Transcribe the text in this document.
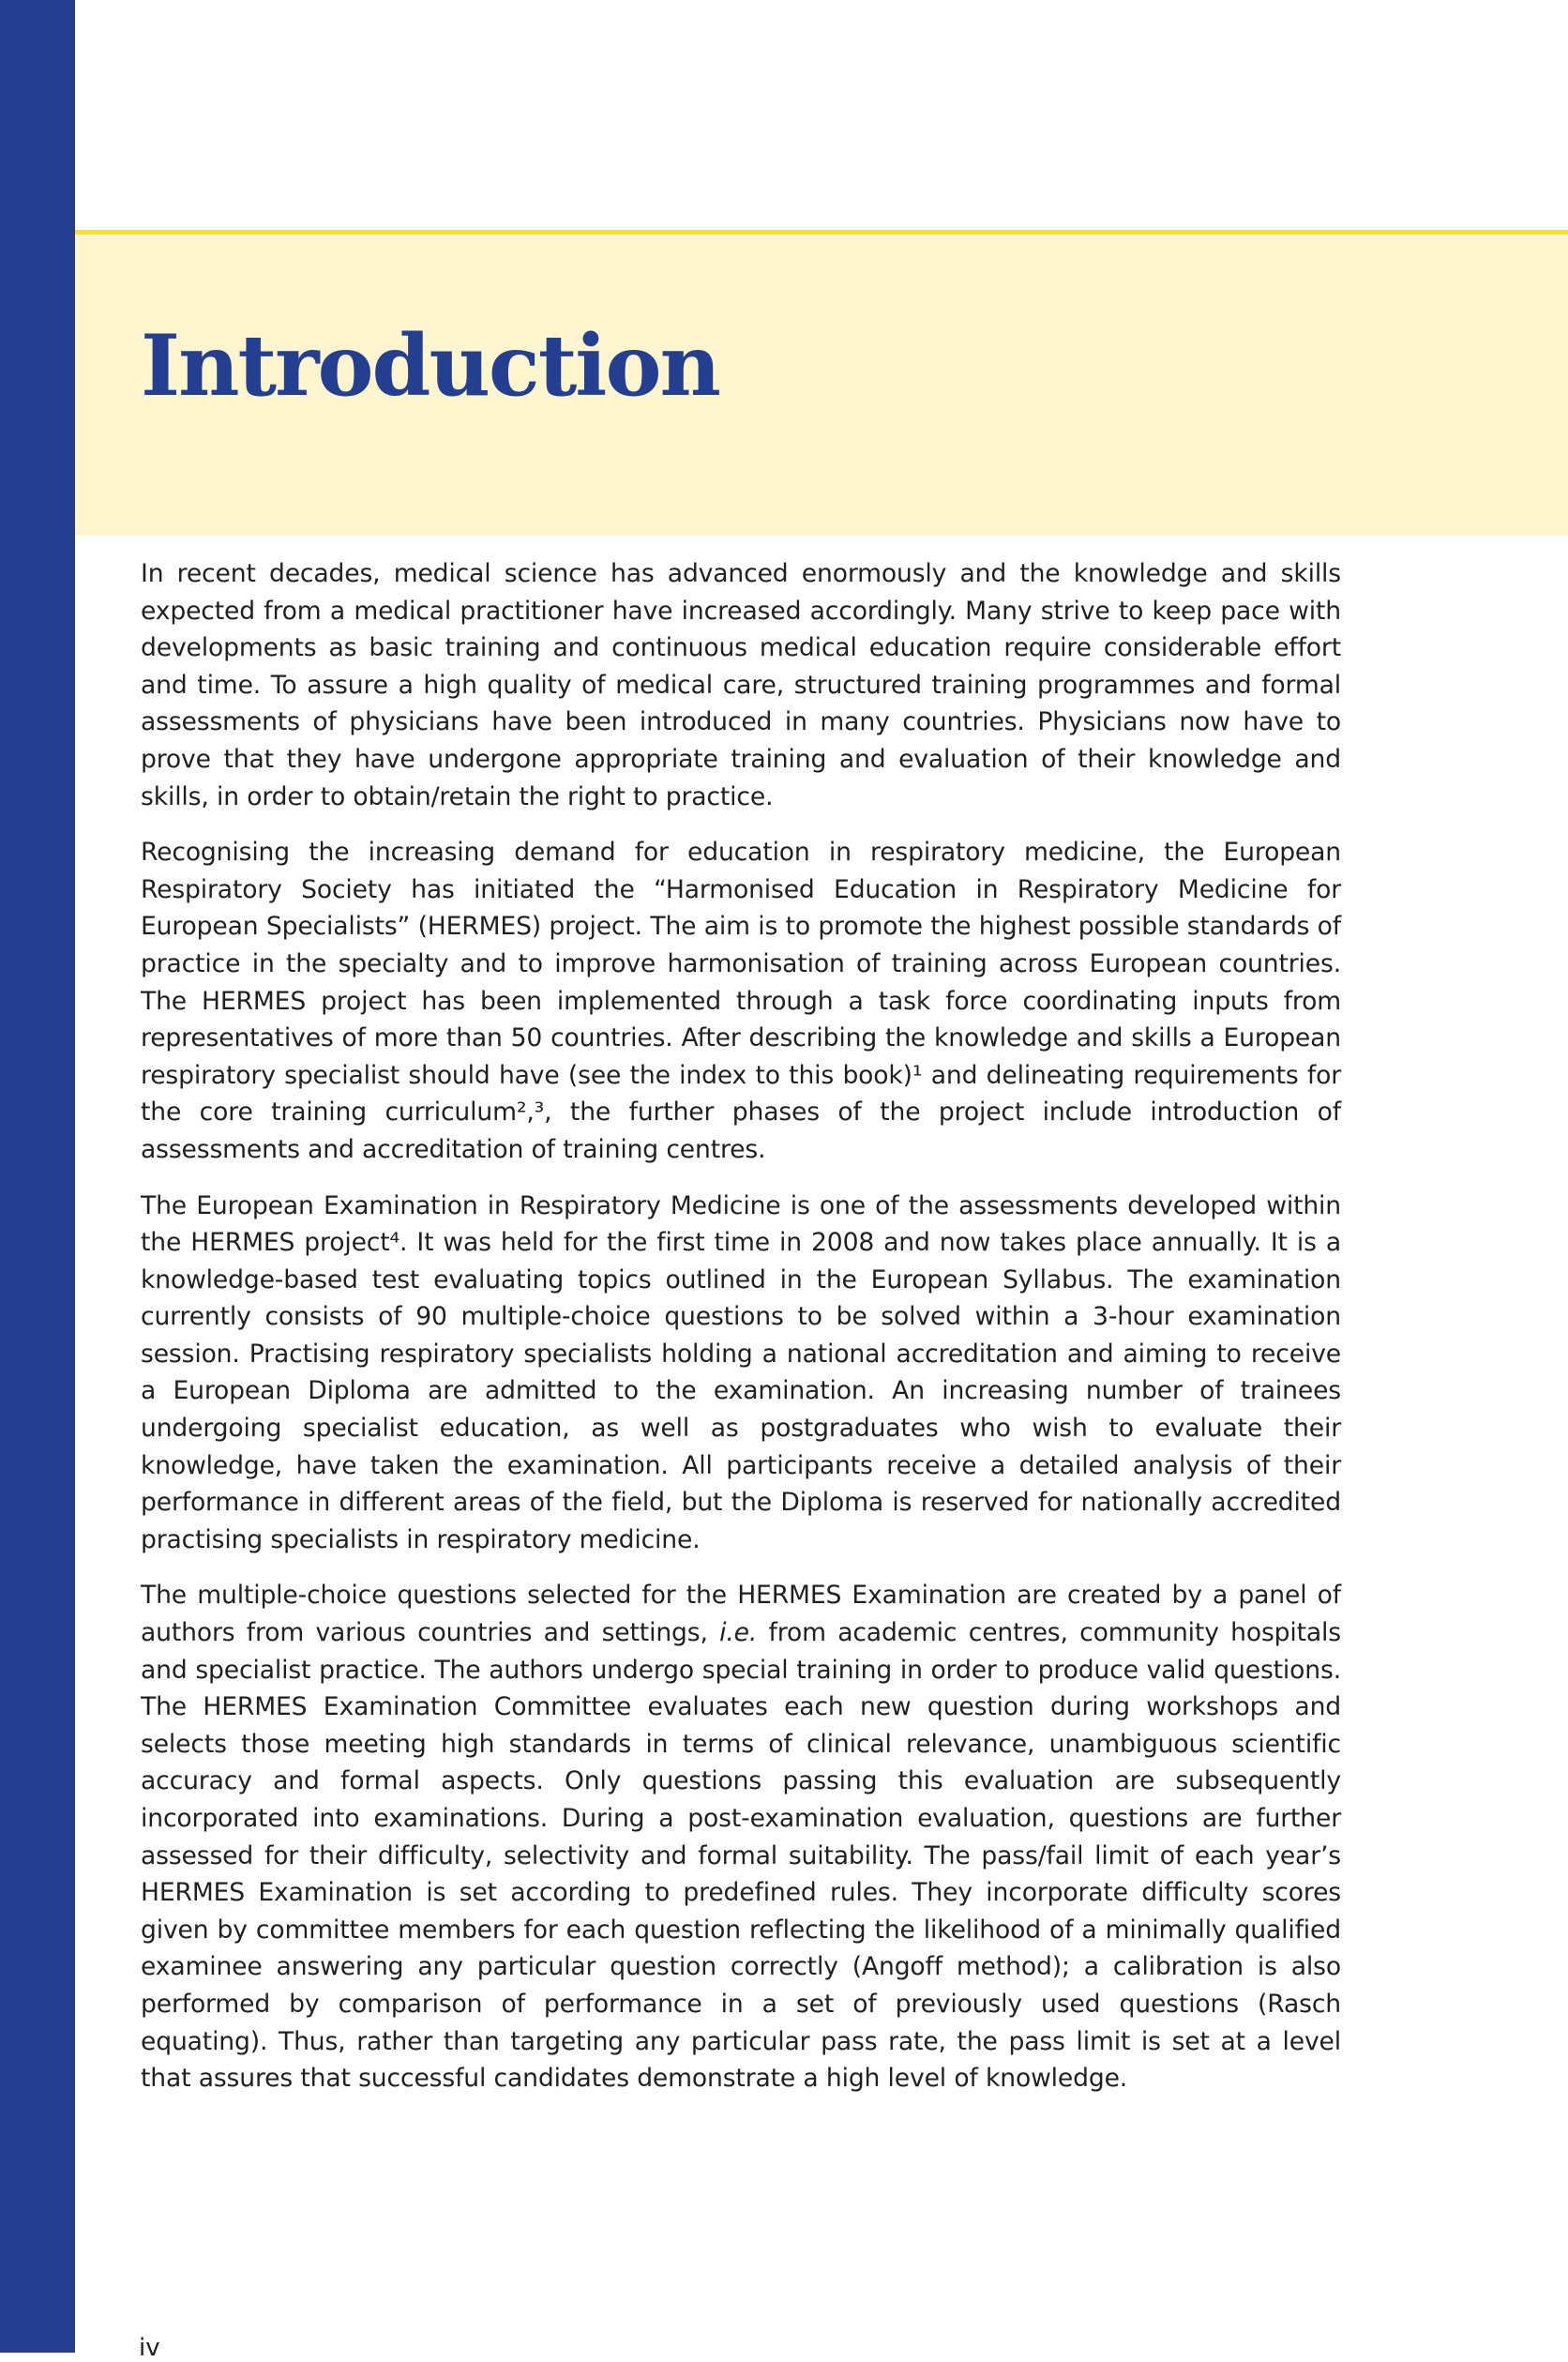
Introduction

In recent decades, medical science has advanced enormously and the knowledge and skills expected from a medical practitioner have increased accordingly. Many strive to keep pace with developments as basic training and continuous medical education require considerable effort and time. To assure a high quality of medical care, structured training programmes and formal assessments of physicians have been introduced in many countries. Physicians now have to prove that they have undergone appropriate training and evaluation of their knowledge and skills, in order to obtain/retain the right to practice.

Recognising the increasing demand for education in respiratory medicine, the European Respiratory Society has initiated the “Harmonised Education in Respiratory Medicine for European Specialists” (HERMES) project. The aim is to promote the highest possible standards of practice in the specialty and to improve harmonisation of training across European countries. The HERMES project has been implemented through a task force coordinating inputs from representatives of more than 50 countries. After describing the knowledge and skills a European respiratory specialist should have (see the index to this book)¹ and delineating requirements for the core training curriculum²,³, the further phases of the project include introduction of assessments and accreditation of training centres.

The European Examination in Respiratory Medicine is one of the assessments developed within the HERMES project⁴. It was held for the first time in 2008 and now takes place annually. It is a knowledge-based test evaluating topics outlined in the European Syllabus. The examination currently consists of 90 multiple-choice questions to be solved within a 3-hour examination session. Practising respiratory specialists holding a national accreditation and aiming to receive a European Diploma are admitted to the examination. An increasing number of trainees undergoing specialist education, as well as postgraduates who wish to evaluate their knowledge, have taken the examination. All participants receive a detailed analysis of their performance in different areas of the field, but the Diploma is reserved for nationally accredited practising specialists in respiratory medicine.

The multiple-choice questions selected for the HERMES Examination are created by a panel of authors from various countries and settings, i.e. from academic centres, community hospitals and specialist practice. The authors undergo special training in order to produce valid questions. The HERMES Examination Committee evaluates each new question during workshops and selects those meeting high standards in terms of clinical relevance, unambiguous scientific accuracy and formal aspects. Only questions passing this evaluation are subsequently incorporated into examinations. During a post-examination evaluation, questions are further assessed for their difficulty, selectivity and formal suitability. The pass/fail limit of each year’s HERMES Examination is set according to predefined rules. They incorporate difficulty scores given by committee members for each question reflecting the likelihood of a minimally qualified examinee answering any particular question correctly (Angoff method); a calibration is also performed by comparison of performance in a set of previously used questions (Rasch equating). Thus, rather than targeting any particular pass rate, the pass limit is set at a level that assures that successful candidates demonstrate a high level of knowledge.

iv
